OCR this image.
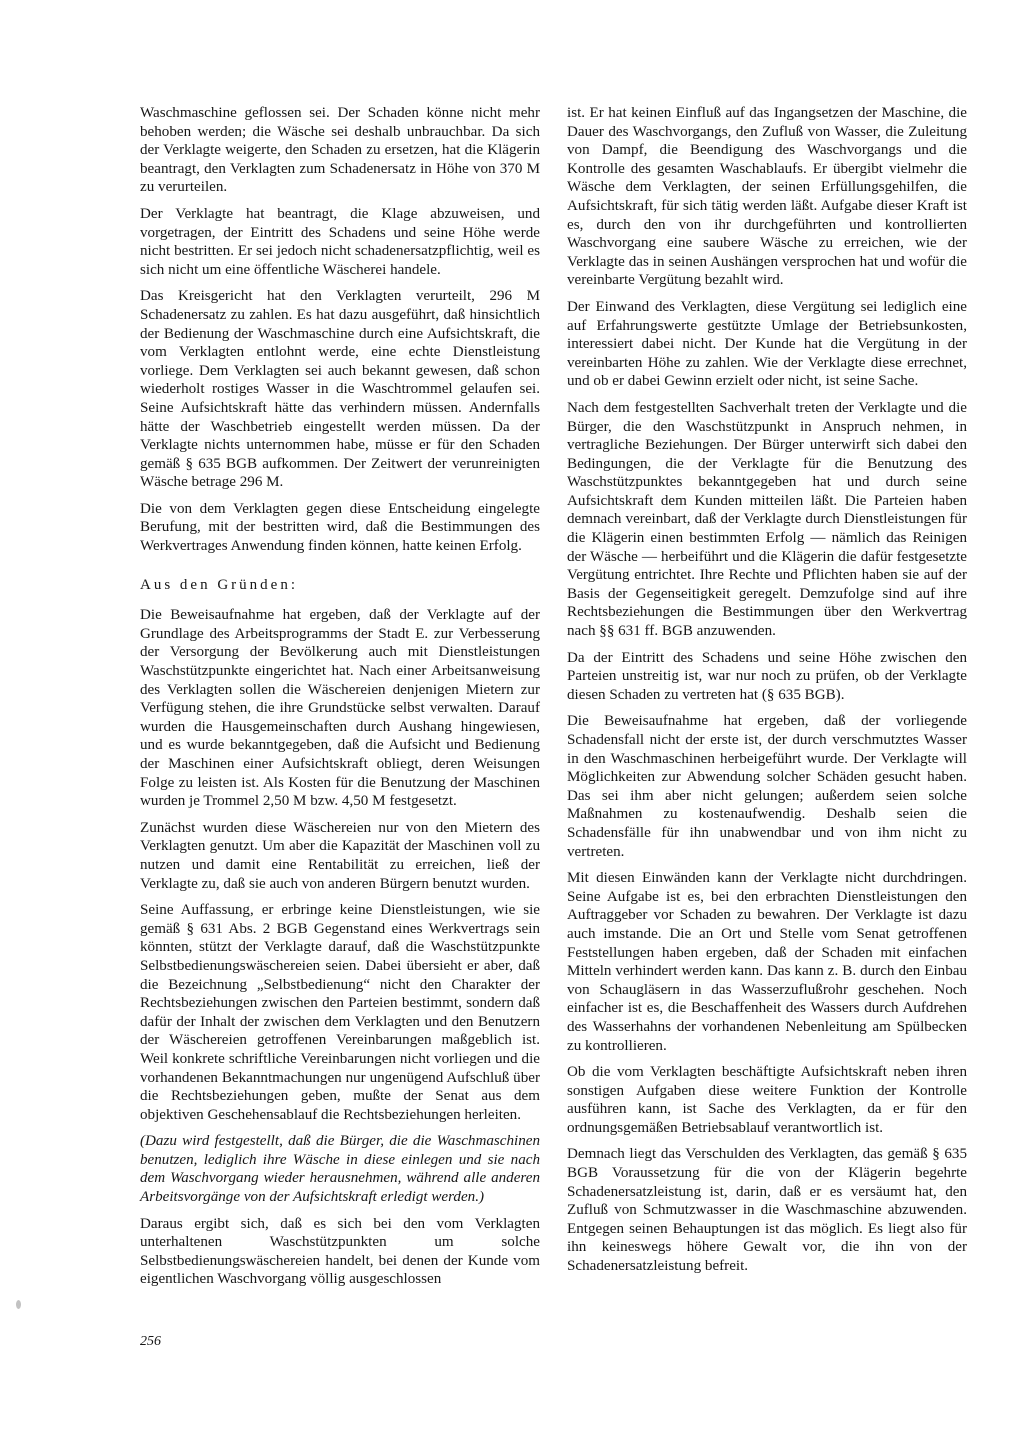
Waschmaschine geflossen sei. Der Schaden könne nicht mehr behoben werden; die Wäsche sei deshalb unbrauchbar. Da sich der Verklagte weigerte, den Schaden zu ersetzen, hat die Klägerin beantragt, den Verklagten zum Schadenersatz in Höhe von 370 M zu verurteilen.

Der Verklagte hat beantragt, die Klage abzuweisen, und vorgetragen, der Eintritt des Schadens und seine Höhe werde nicht bestritten. Er sei jedoch nicht schadenersatzpflichtig, weil es sich nicht um eine öffentliche Wäscherei handele.

Das Kreisgericht hat den Verklagten verurteilt, 296 M Schadenersatz zu zahlen. Es hat dazu ausgeführt, daß hinsichtlich der Bedienung der Waschmaschine durch eine Aufsichtskraft, die vom Verklagten entlohnt werde, eine echte Dienstleistung vorliege. Dem Verklagten sei auch bekannt gewesen, daß schon wiederholt rostiges Wasser in die Waschtrommel gelaufen sei. Seine Aufsichtskraft hätte das verhindern müssen. Andernfalls hätte der Waschbetrieb eingestellt werden müssen. Da der Verklagte nichts unternommen habe, müsse er für den Schaden gemäß § 635 BGB aufkommen. Der Zeitwert der verunreinigten Wäsche betrage 296 M.

Die von dem Verklagten gegen diese Entscheidung eingelegte Berufung, mit der bestritten wird, daß die Bestimmungen des Werkvertrages Anwendung finden können, hatte keinen Erfolg.

Aus den Gründen:

Die Beweisaufnahme hat ergeben, daß der Verklagte auf der Grundlage des Arbeitsprogramms der Stadt E. zur Verbesserung der Versorgung der Bevölkerung auch mit Dienstleistungen Waschstützpunkte eingerichtet hat. Nach einer Arbeitsanweisung des Verklagten sollen die Wäschereien denjenigen Mietern zur Verfügung stehen, die ihre Grundstücke selbst verwalten. Darauf wurden die Hausgemeinschaften durch Aushang hingewiesen, und es wurde bekanntgegeben, daß die Aufsicht und Bedienung der Maschinen einer Aufsichtskraft obliegt, deren Weisungen Folge zu leisten ist. Als Kosten für die Benutzung der Maschinen wurden je Trommel 2,50 M bzw. 4,50 M festgesetzt.

Zunächst wurden diese Wäschereien nur von den Mietern des Verklagten genutzt. Um aber die Kapazität der Maschinen voll zu nutzen und damit eine Rentabilität zu erreichen, ließ der Verklagte zu, daß sie auch von anderen Bürgern benutzt wurden.

Seine Auffassung, er erbringe keine Dienstleistungen, wie sie gemäß § 631 Abs. 2 BGB Gegenstand eines Werkvertrags sein könnten, stützt der Verklagte darauf, daß die Waschstützpunkte Selbstbedienungswäschereien seien. Dabei übersieht er aber, daß die Bezeichnung „Selbstbedienung“ nicht den Charakter der Rechtsbeziehungen zwischen den Parteien bestimmt, sondern daß dafür der Inhalt der zwischen dem Verklagten und den Benutzern der Wäschereien getroffenen Vereinbarungen maßgeblich ist. Weil konkrete schriftliche Vereinbarungen nicht vorliegen und die vorhandenen Bekanntmachungen nur ungenügend Aufschluß über die Rechtsbeziehungen geben, mußte der Senat aus dem objektiven Geschehensablauf die Rechtsbeziehungen herleiten.

(Dazu wird festgestellt, daß die Bürger, die die Waschmaschinen benutzen, lediglich ihre Wäsche in diese einlegen und sie nach dem Waschvorgang wieder herausnehmen, während alle anderen Arbeitsvorgänge von der Aufsichtskraft erledigt werden.)

Daraus ergibt sich, daß es sich bei den vom Verklagten unterhaltenen Waschstützpunkten um solche Selbstbedienungswäschereien handelt, bei denen der Kunde vom eigentlichen Waschvorgang völlig ausgeschlossen

ist. Er hat keinen Einfluß auf das Ingangsetzen der Maschine, die Dauer des Waschvorgangs, den Zufluß von Wasser, die Zuleitung von Dampf, die Beendigung des Waschvorgangs und die Kontrolle des gesamten Waschablaufs. Er übergibt vielmehr die Wäsche dem Verklagten, der seinen Erfüllungsgehilfen, die Aufsichtskraft, für sich tätig werden läßt. Aufgabe dieser Kraft ist es, durch den von ihr durchgeführten und kontrollierten Waschvorgang eine saubere Wäsche zu erreichen, wie der Verklagte das in seinen Aushängen versprochen hat und wofür die vereinbarte Vergütung bezahlt wird.

Der Einwand des Verklagten, diese Vergütung sei lediglich eine auf Erfahrungswerte gestützte Umlage der Betriebsunkosten, interessiert dabei nicht. Der Kunde hat die Vergütung in der vereinbarten Höhe zu zahlen. Wie der Verklagte diese errechnet, und ob er dabei Gewinn erzielt oder nicht, ist seine Sache.

Nach dem festgestellten Sachverhalt treten der Verklagte und die Bürger, die den Waschstützpunkt in Anspruch nehmen, in vertragliche Beziehungen. Der Bürger unterwirft sich dabei den Bedingungen, die der Verklagte für die Benutzung des Waschstützpunktes bekanntgegeben hat und durch seine Aufsichtskraft dem Kunden mitteilen läßt. Die Parteien haben demnach vereinbart, daß der Verklagte durch Dienstleistungen für die Klägerin einen bestimmten Erfolg — nämlich das Reinigen der Wäsche — herbeiführt und die Klägerin die dafür festgesetzte Vergütung entrichtet. Ihre Rechte und Pflichten haben sie auf der Basis der Gegenseitigkeit geregelt. Demzufolge sind auf ihre Rechtsbeziehungen die Bestimmungen über den Werkvertrag nach §§ 631 ff. BGB anzuwenden.

Da der Eintritt des Schadens und seine Höhe zwischen den Parteien unstreitig ist, war nur noch zu prüfen, ob der Verklagte diesen Schaden zu vertreten hat (§ 635 BGB).

Die Beweisaufnahme hat ergeben, daß der vorliegende Schadensfall nicht der erste ist, der durch verschmutztes Wasser in den Waschmaschinen herbeigeführt wurde. Der Verklagte will Möglichkeiten zur Abwendung solcher Schäden gesucht haben. Das sei ihm aber nicht gelungen; außerdem seien solche Maßnahmen zu kostenaufwendig. Deshalb seien die Schadensfälle für ihn unabwendbar und von ihm nicht zu vertreten.

Mit diesen Einwänden kann der Verklagte nicht durchdringen. Seine Aufgabe ist es, bei den erbrachten Dienstleistungen den Auftraggeber vor Schaden zu bewahren. Der Verklagte ist dazu auch imstande. Die an Ort und Stelle vom Senat getroffenen Feststellungen haben ergeben, daß der Schaden mit einfachen Mitteln verhindert werden kann. Das kann z. B. durch den Einbau von Schaugläsern in das Wasserzuflußrohr geschehen. Noch einfacher ist es, die Beschaffenheit des Wassers durch Aufdrehen des Wasserhahns der vorhandenen Nebenleitung am Spülbecken zu kontrollieren.

Ob die vom Verklagten beschäftigte Aufsichtskraft neben ihren sonstigen Aufgaben diese weitere Funktion der Kontrolle ausführen kann, ist Sache des Verklagten, da er für den ordnungsgemäßen Betriebsablauf verantwortlich ist.

Demnach liegt das Verschulden des Verklagten, das gemäß § 635 BGB Voraussetzung für die von der Klägerin begehrte Schadenersatzleistung ist, darin, daß er es versäumt hat, den Zufluß von Schmutzwasser in die Waschmaschine abzuwenden. Entgegen seinen Behauptungen ist das möglich. Es liegt also für ihn keineswegs höhere Gewalt vor, die ihn von der Schadenersatzleistung befreit.

256
